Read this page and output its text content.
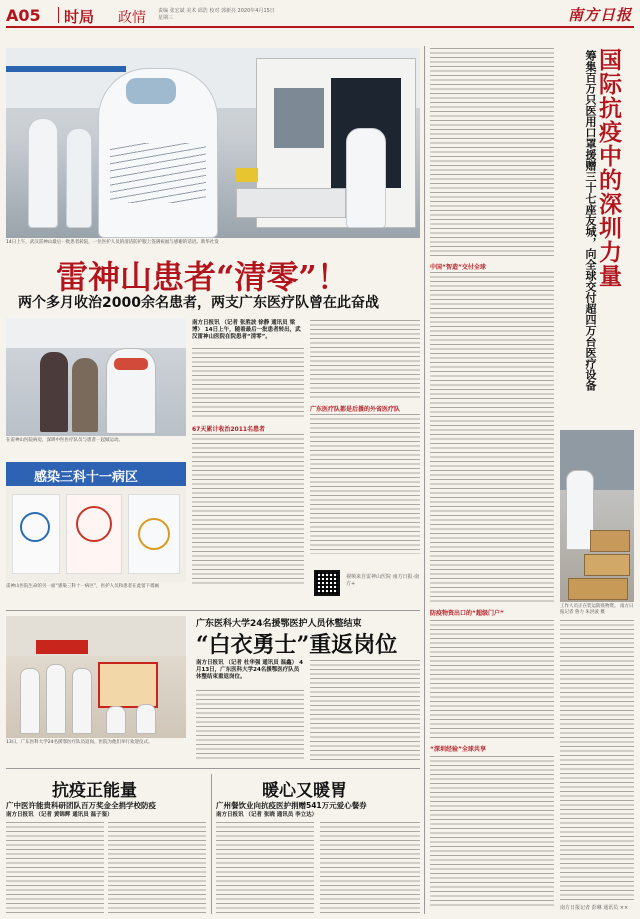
A05 时局 政情 责编 张宏斌 美术 邱浩 校对 郭新亮 2020年4月15日 星期三	南方日报
14日上午，武汉雷神山最后一批患者转院，一位医护人员的清洁防护服上签满祝福与感谢的话语。新华社发
雷神山患者“清零”！
两个多月收治2000余名患者，两支广东医疗队曾在此奋战
在雷神山医院病房，深圳中医医疗队员与患者一起做运动。
感染三科十一病区
雷神山医院生命的另一面“感染三科十一病区”，医护人员和患者在此留下墙画
南方日报讯 （记者 张胜波 徐静 通讯员 梁博） 14日上午，随着最后一批患者转出，武汉雷神山医院在院患者“清零”。
67天累计收治2011名患者
广东医疗队都是后援的外省医疗队
视频来自雷神山医院 南方日报·南方+
13日，广东医科大学24名援鄂医疗队员返岗，医院为他们举行欢迎仪式。
广东医科大学24名援鄂医护人员休整结束
“白衣勇士”重返岗位
南方日报讯 （记者 杜华强 通讯员 温鑫） 4月13日，广东医科大学24名援鄂医疗队员休整结束重返岗位。
抗疫正能量
广中医许能贵科研团队百万奖金全捐学校防疫
南方日报讯 （记者 黄锦辉 通讯员 温子鉴）
暖心又暖胃
广州餐饮业向抗疫医护捐赠541万元爱心餐券
南方日报讯 （记者 张晓 通讯员 李立达）
国际抗疫中的深圳力量
筹集百万只医用口罩援赠三十七座友城，向全球交付超四万台医疗设备
中国“智造”交付全球
工作人员正在装运防疫物资。 南方日报记者 鲁力 朱洪波 摄
防疫物资出口的“超级门户”
“深圳经验”全球共享
南方日报记者 彭琳 通讯员 ××
